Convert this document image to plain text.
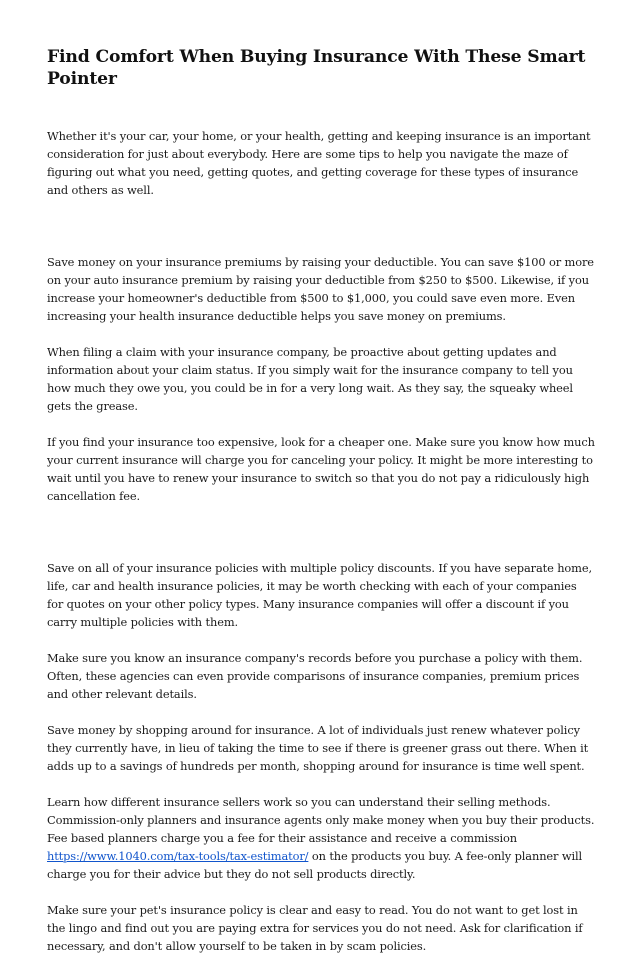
Find Comfort When Buying Insurance With These Smart Pointer

Whether it's your car, your home, or your health, getting and keeping insurance is an important consideration for just about everybody. Here are some tips to help you navigate the maze of figuring out what you need, getting quotes, and getting coverage for these types of insurance and others as well.

Save money on your insurance premiums by raising your deductible. You can save $100 or more on your auto insurance premium by raising your deductible from $250 to $500. Likewise, if you increase your homeowner's deductible from $500 to $1,000, you could save even more. Even increasing your health insurance deductible helps you save money on premiums.

When filing a claim with your insurance company, be proactive about getting updates and information about your claim status. If you simply wait for the insurance company to tell you how much they owe you, you could be in for a very long wait. As they say, the squeaky wheel gets the grease.

If you find your insurance too expensive, look for a cheaper one. Make sure you know how much your current insurance will charge you for canceling your policy. It might be more interesting to wait until you have to renew your insurance to switch so that you do not pay a ridiculously high cancellation fee.

Save on all of your insurance policies with multiple policy discounts. If you have separate home, life, car and health insurance policies, it may be worth checking with each of your companies for quotes on your other policy types. Many insurance companies will offer a discount if you carry multiple policies with them.

Make sure you know an insurance company's records before you purchase a policy with them. Often, these agencies can even provide comparisons of insurance companies, premium prices and other relevant details.

Save money by shopping around for insurance. A lot of individuals just renew whatever policy they currently have, in lieu of taking the time to see if there is greener grass out there. When it adds up to a savings of hundreds per month, shopping around for insurance is time well spent.

Learn how different insurance sellers work so you can understand their selling methods. Commission-only planners and insurance agents only make money when you buy their products. Fee based planners charge you a fee for their assistance and receive a commission https://www.1040.com/tax-tools/tax-estimator/ on the products you buy. A fee-only planner will charge you for their advice but they do not sell products directly.

Make sure your pet's insurance policy is clear and easy to read. You do not want to get lost in the lingo and find out you are paying extra for services you do not need. Ask for clarification if necessary, and don't allow yourself to be taken in by scam policies.
